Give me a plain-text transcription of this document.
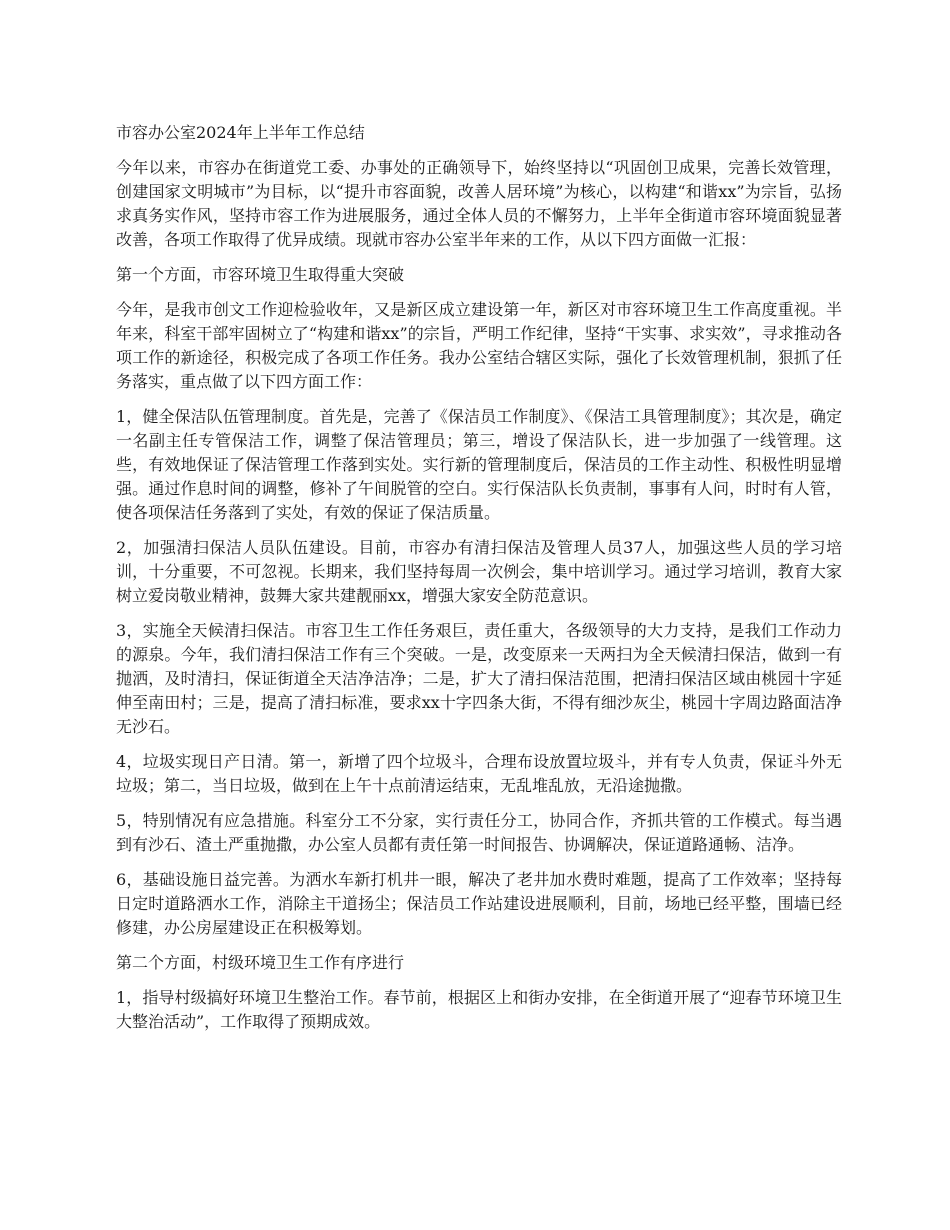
市容办公室2024年上半年工作总结

今年以来，市容办在街道党工委、办事处的正确领导下，始终坚持以“巩固创卫成果，完善长效管理，创建国家文明城市”为目标，以“提升市容面貌，改善人居环境”为核心，以构建“和谐xx”为宗旨，弘扬求真务实作风，坚持市容工作为进展服务，通过全体人员的不懈努力，上半年全街道市容环境面貌显著改善，各项工作取得了优异成绩。现就市容办公室半年来的工作，从以下四方面做一汇报：

第一个方面，市容环境卫生取得重大突破

今年，是我市创文工作迎检验收年，又是新区成立建设第一年，新区对市容环境卫生工作高度重视。半年来，科室干部牢固树立了“构建和谐xx”的宗旨，严明工作纪律，坚持“干实事、求实效”，寻求推动各项工作的新途径，积极完成了各项工作任务。我办公室结合辖区实际，强化了长效管理机制，狠抓了任务落实，重点做了以下四方面工作：

1，健全保洁队伍管理制度。首先是，完善了《保洁员工作制度》、《保洁工具管理制度》；其次是，确定一名副主任专管保洁工作，调整了保洁管理员；第三，增设了保洁队长，进一步加强了一线管理。这些，有效地保证了保洁管理工作落到实处。实行新的管理制度后，保洁员的工作主动性、积极性明显增强。通过作息时间的调整，修补了午间脱管的空白。实行保洁队长负责制，事事有人问，时时有人管，使各项保洁任务落到了实处，有效的保证了保洁质量。

2，加强清扫保洁人员队伍建设。目前，市容办有清扫保洁及管理人员37人，加强这些人员的学习培训，十分重要，不可忽视。长期来，我们坚持每周一次例会，集中培训学习。通过学习培训，教育大家树立爱岗敬业精神，鼓舞大家共建靓丽xx，增强大家安全防范意识。

3，实施全天候清扫保洁。市容卫生工作任务艰巨，责任重大，各级领导的大力支持，是我们工作动力的源泉。今年，我们清扫保洁工作有三个突破。一是，改变原来一天两扫为全天候清扫保洁，做到一有抛洒，及时清扫，保证街道全天洁净洁净；二是，扩大了清扫保洁范围，把清扫保洁区域由桃园十字延伸至南田村；三是，提高了清扫标准，要求xx十字四条大街，不得有细沙灰尘，桃园十字周边路面洁净无沙石。

4，垃圾实现日产日清。第一，新增了四个垃圾斗，合理布设放置垃圾斗，并有专人负责，保证斗外无垃圾；第二，当日垃圾，做到在上午十点前清运结束，无乱堆乱放，无沿途抛撒。

5，特别情况有应急措施。科室分工不分家，实行责任分工，协同合作，齐抓共管的工作模式。每当遇到有沙石、渣土严重抛撒，办公室人员都有责任第一时间报告、协调解决，保证道路通畅、洁净。

6，基础设施日益完善。为洒水车新打机井一眼，解决了老井加水费时难题，提高了工作效率；坚持每日定时道路洒水工作，消除主干道扬尘；保洁员工作站建设进展顺利，目前，场地已经平整，围墙已经修建，办公房屋建设正在积极筹划。

第二个方面，村级环境卫生工作有序进行

1，指导村级搞好环境卫生整治工作。春节前，根据区上和街办安排，在全街道开展了“迎春节环境卫生大整治活动”，工作取得了预期成效。
